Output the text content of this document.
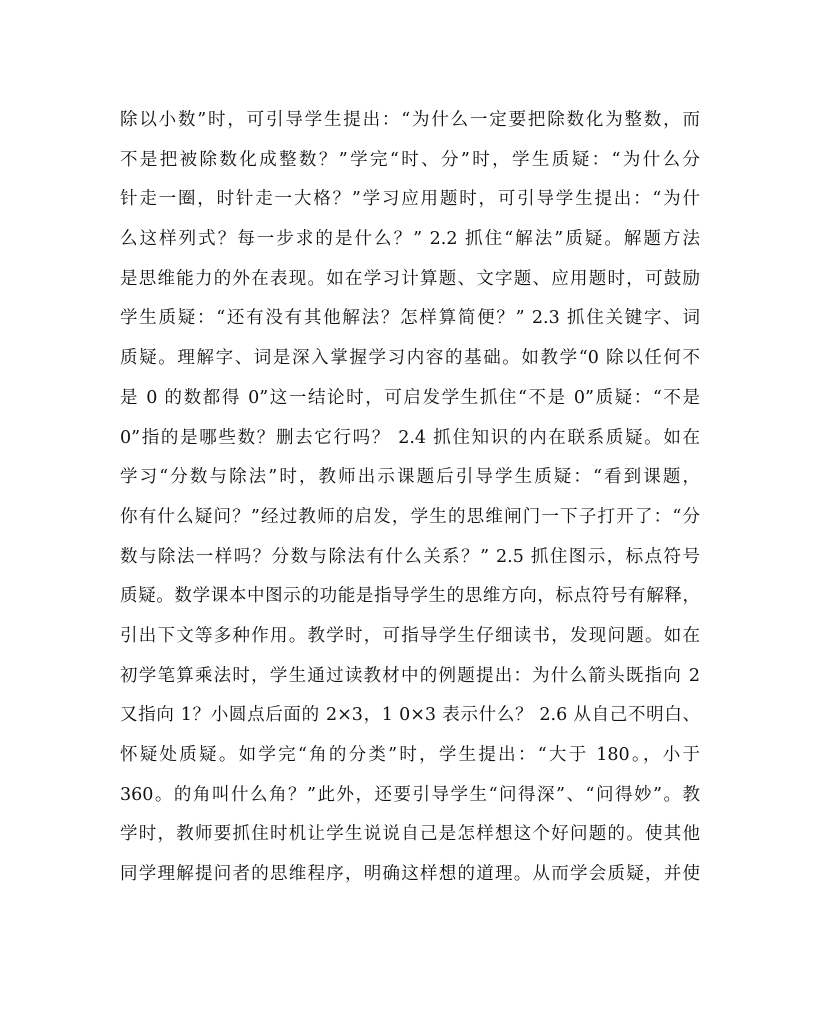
除以小数”时，可引导学生提出：“为什么一定要把除数化为整数，而
不是把被除数化成整数？”学完“时、分”时，学生质疑：“为什么分
针走一圈，时针走一大格？”学习应用题时，可引导学生提出：“为什
么这样列式？每一步求的是什么？” 2.2 抓住“解法”质疑。解题方法
是思维能力的外在表现。如在学习计算题、文字题、应用题时，可鼓励
学生质疑：“还有没有其他解法？怎样算简便？” 2.3 抓住关键字、词
质疑。理解字、词是深入掌握学习内容的基础。如教学“0 除以任何不
是 0 的数都得 0”这一结论时，可启发学生抓住“不是 0”质疑：“不是
0”指的是哪些数？删去它行吗？ 2.4 抓住知识的内在联系质疑。如在
学习“分数与除法”时，教师出示课题后引导学生质疑：“看到课题，
你有什么疑问？”经过教师的启发，学生的思维闸门一下子打开了：“分
数与除法一样吗？分数与除法有什么关系？” 2.5 抓住图示，标点符号
质疑。数学课本中图示的功能是指导学生的思维方向，标点符号有解释，
引出下文等多种作用。教学时，可指导学生仔细读书，发现问题。如在
初学笔算乘法时，学生通过读教材中的例题提出：为什么箭头既指向 2
又指向 1？小圆点后面的 2×3，1 0×3 表示什么？ 2.6 从自己不明白、
怀疑处质疑。如学完“角的分类”时，学生提出：“大于 180。，小于
360。的角叫什么角？”此外，还要引导学生“问得深”、“问得妙”。教
学时，教师要抓住时机让学生说说自己是怎样想这个好问题的。使其他
同学理解提问者的思维程序，明确这样想的道理。从而学会质疑，并使
